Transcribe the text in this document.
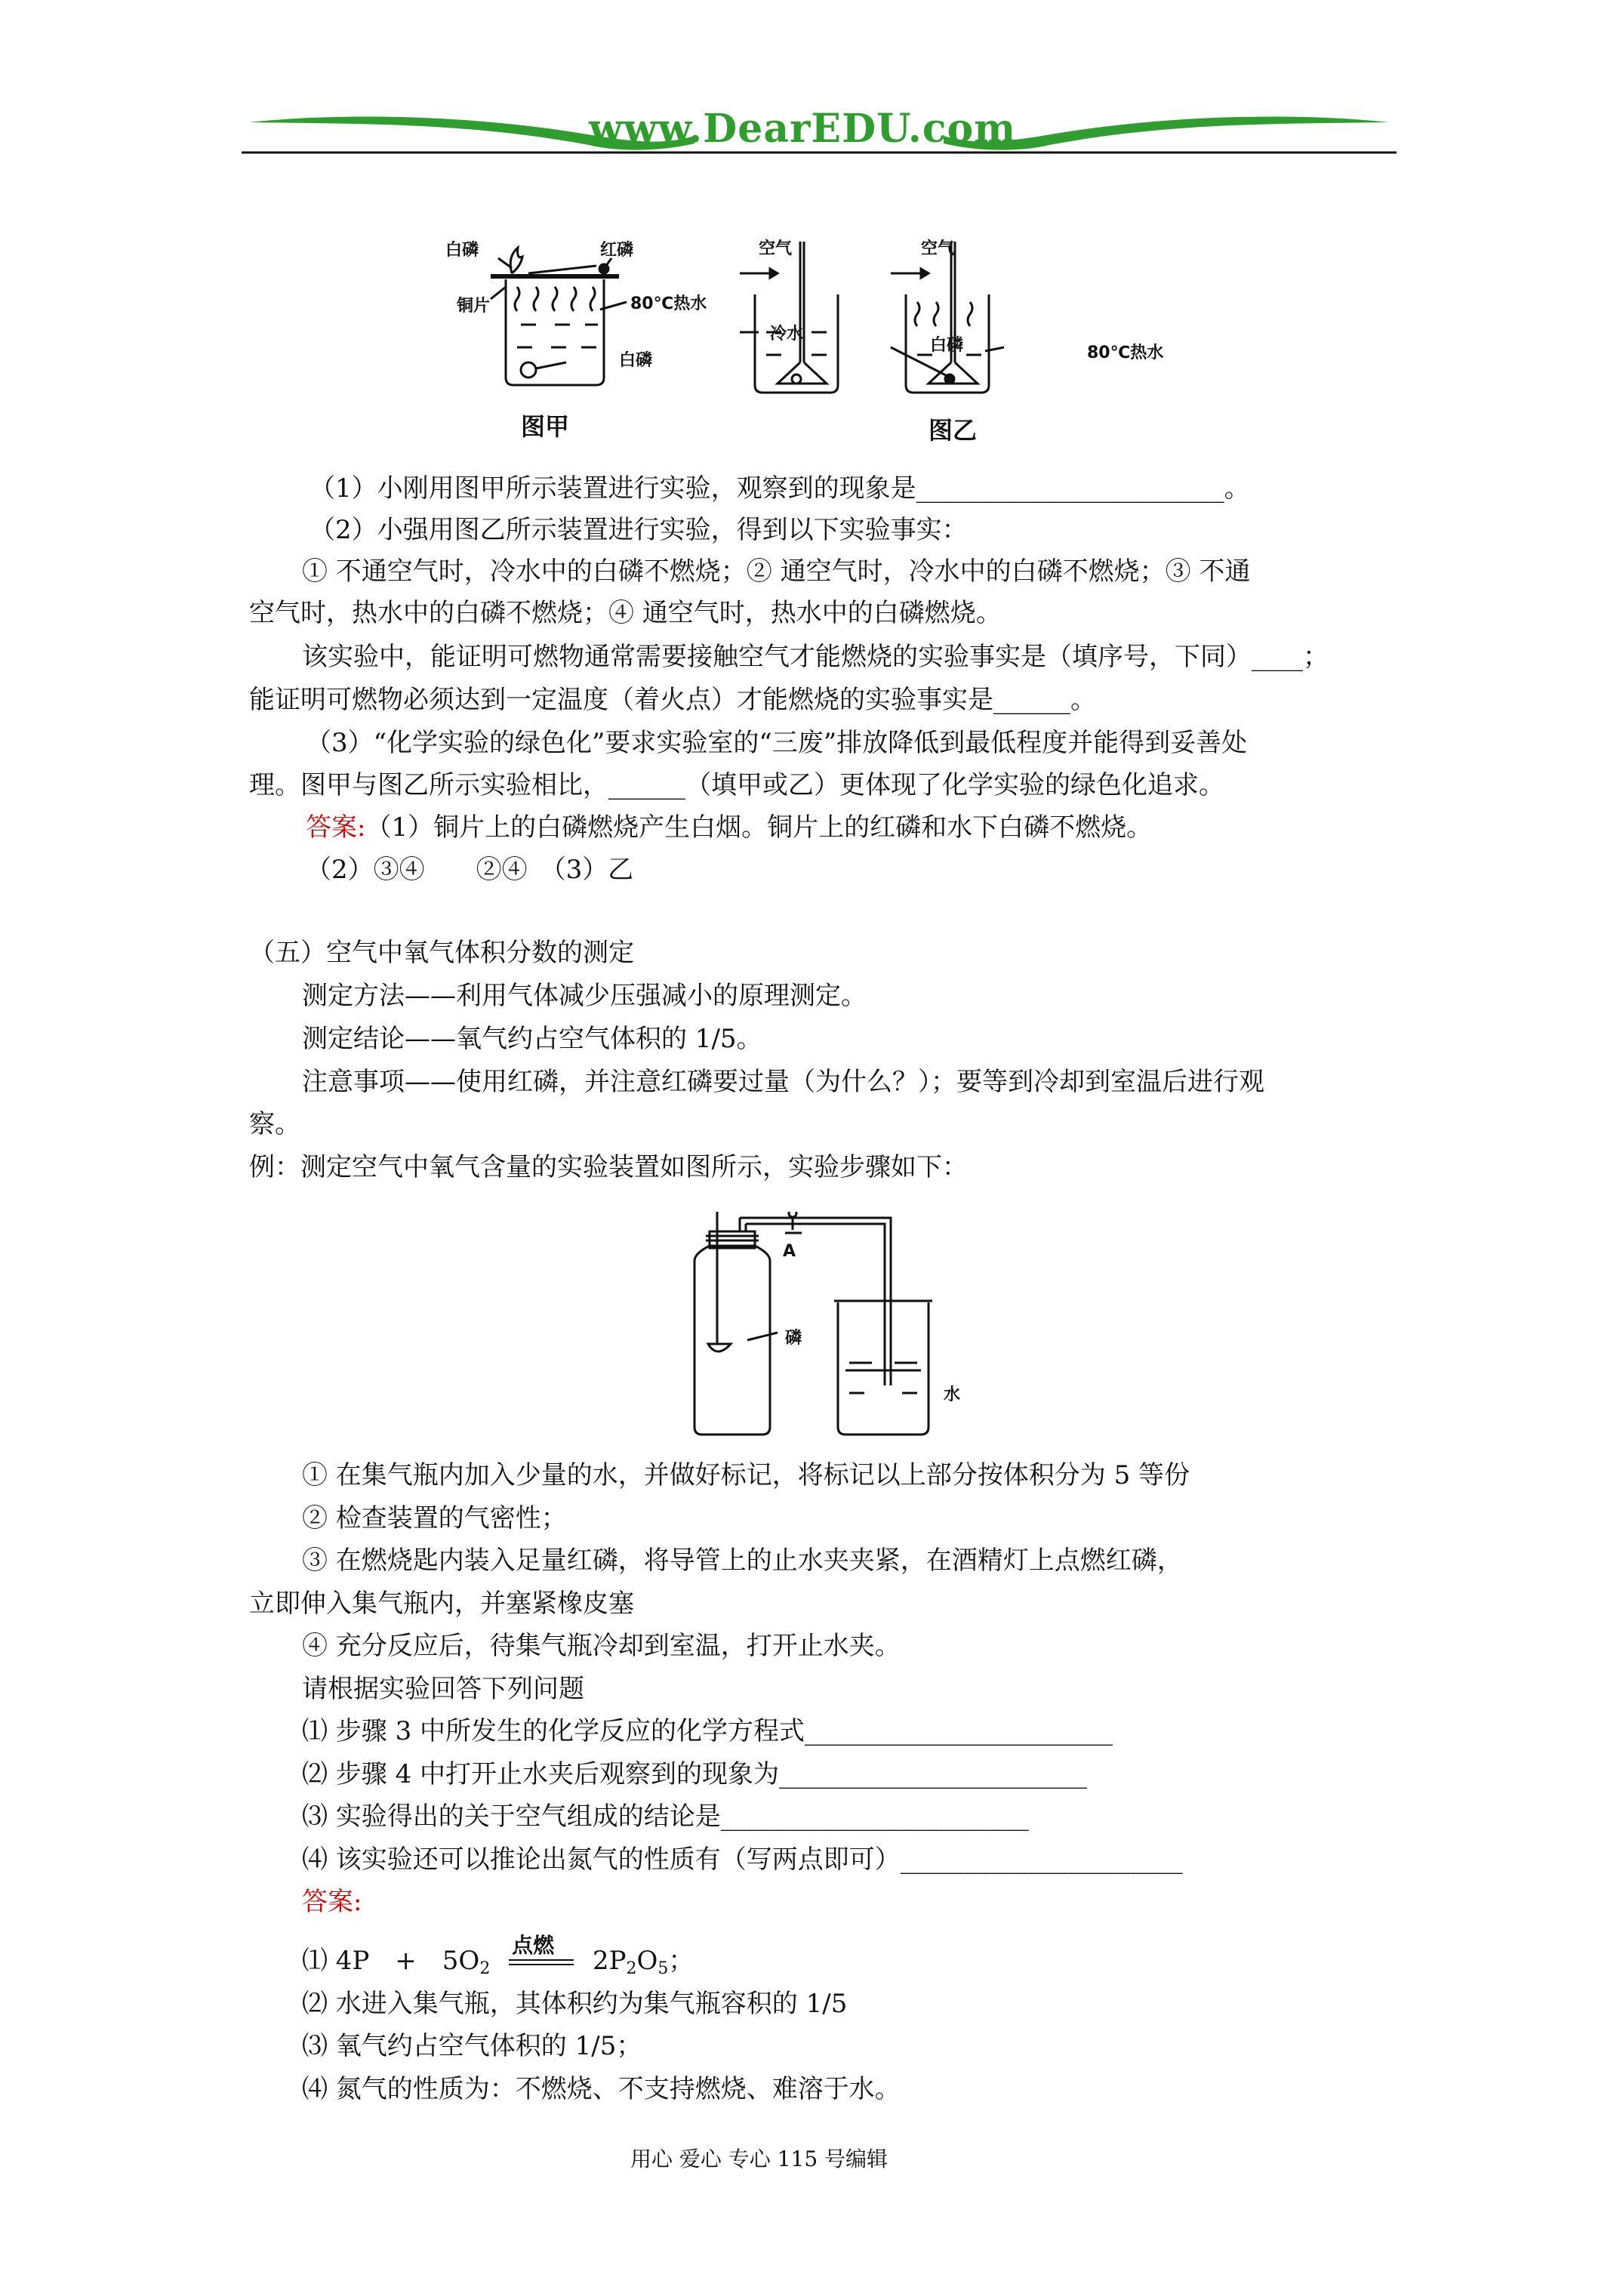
www.DearEDU.com
白磷	红磷
铜片	80℃热水
白磷
空气	空气
冷水
白磷	80℃热水
图甲	图乙
（1）小刚用图甲所示装置进行实验，观察到的现象是________________________。
（2）小强用图乙所示装置进行实验，得到以下实验事实：
① 不通空气时，冷水中的白磷不燃烧；② 通空气时，冷水中的白磷不燃烧；③ 不通
空气时，热水中的白磷不燃烧；④ 通空气时，热水中的白磷燃烧。
该实验中，能证明可燃物通常需要接触空气才能燃烧的实验事实是（填序号，下同）____；
能证明可燃物必须达到一定温度（着火点）才能燃烧的实验事实是______。
（3）“化学实验的绿色化”要求实验室的“三废”排放降低到最低程度并能得到妥善处
理。图甲与图乙所示实验相比，______（填甲或乙）更体现了化学实验的绿色化追求。
答案:（1）铜片上的白磷燃烧产生白烟。铜片上的红磷和水下白磷不燃烧。
（2）③④　　②④　（3）乙
（五）空气中氧气体积分数的测定
测定方法——利用气体减少压强减小的原理测定。
测定结论——氧气约占空气体积的 1/5。
注意事项——使用红磷，并注意红磷要过量（为什么？）；要等到冷却到室温后进行观
察。
例：测定空气中氧气含量的实验装置如图所示，实验步骤如下：
A
磷
水
① 在集气瓶内加入少量的水，并做好标记，将标记以上部分按体积分为 5 等份
② 检查装置的气密性；
③ 在燃烧匙内装入足量红磷，将导管上的止水夹夹紧，在酒精灯上点燃红磷，
立即伸入集气瓶内，并塞紧橡皮塞
④ 充分反应后，待集气瓶冷却到室温，打开止水夹。
请根据实验回答下列问题
⑴ 步骤 3 中所发生的化学反应的化学方程式________________________
⑵ 步骤 4 中打开止水夹后观察到的现象为________________________
⑶ 实验得出的关于空气组成的结论是________________________
⑷ 该实验还可以推论出氮气的性质有（写两点即可）______________________
答案:
⑴ 4P　+　$5O_2$
点燃
$2P_2O_5$；
⑵ 水进入集气瓶，其体积约为集气瓶容积的 1/5
⑶ 氧气约占空气体积的 1/5；
⑷ 氮气的性质为：不燃烧、不支持燃烧、难溶于水。
用心 爱心 专心 115 号编辑
